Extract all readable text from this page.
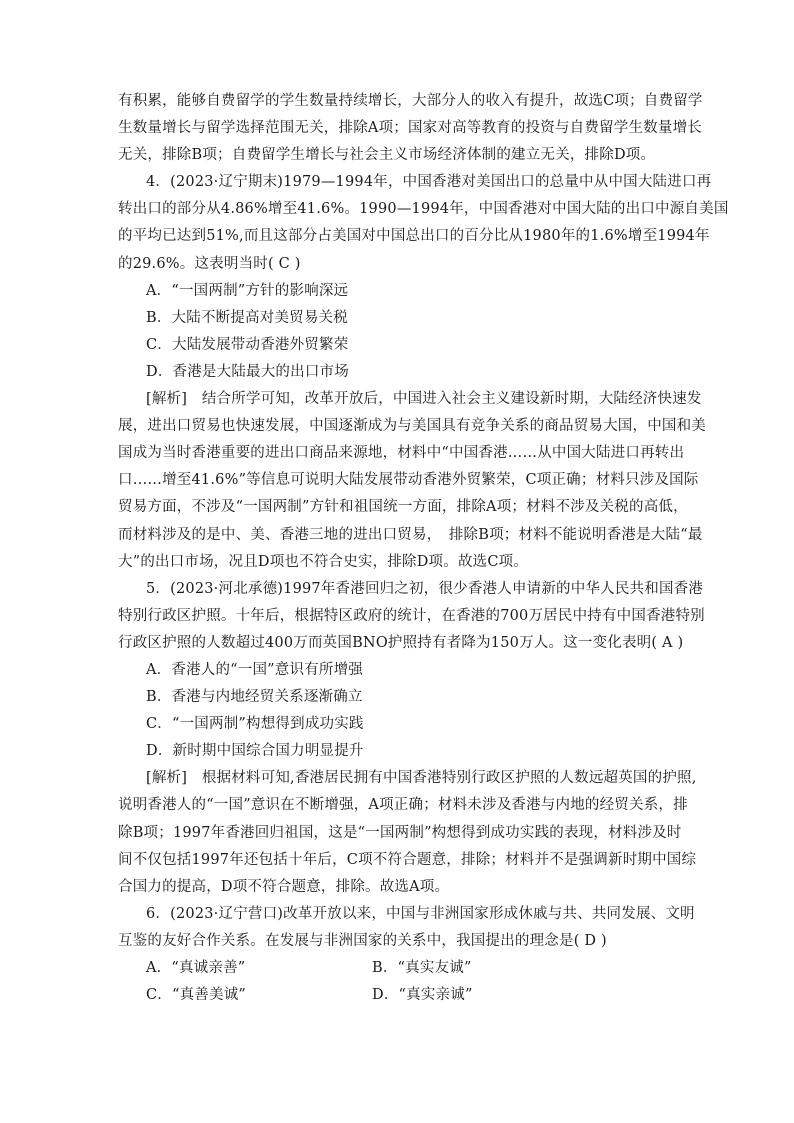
有积累，能够自费留学的学生数量持续增长，大部分人的收入有提升，故选C项；自费留学
生数量增长与留学选择范围无关，排除A项；国家对高等教育的投资与自费留学生数量增长
无关，排除B项；自费留学生增长与社会主义市场经济体制的建立无关，排除D项。
4．(2023·辽宁期末)1979—1994年，中国香港对美国出口的总量中从中国大陆进口再
转出口的部分从4.86%增至41.6%。1990—1994年，中国香港对中国大陆的出口中源自美国
的平均已达到51%,而且这部分占美国对中国总出口的百分比从1980年的1.6%增至1994年
的29.6%。这表明当时( C )
A．“一国两制”方针的影响深远
B．大陆不断提高对美贸易关税
C．大陆发展带动香港外贸繁荣
D．香港是大陆最大的出口市场
[解析]　结合所学可知，改革开放后，中国进入社会主义建设新时期，大陆经济快速发
展，进出口贸易也快速发展，中国逐渐成为与美国具有竞争关系的商品贸易大国，中国和美
国成为当时香港重要的进出口商品来源地，材料中“中国香港……从中国大陆进口再转出
口……增至41.6%”等信息可说明大陆发展带动香港外贸繁荣，C项正确；材料只涉及国际
贸易方面，不涉及“一国两制”方针和祖国统一方面，排除A项；材料不涉及关税的高低，
而材料涉及的是中、美、香港三地的进出口贸易，　排除B项；材料不能说明香港是大陆“最
大”的出口市场，况且D项也不符合史实，排除D项。故选C项。
5．(2023·河北承德)1997年香港回归之初，很少香港人申请新的中华人民共和国香港
特别行政区护照。十年后，根据特区政府的统计，在香港的700万居民中持有中国香港特别
行政区护照的人数超过400万而英国BNO护照持有者降为150万人。这一变化表明( A )
A．香港人的“一国”意识有所增强
B．香港与内地经贸关系逐渐确立
C．“一国两制”构想得到成功实践
D．新时期中国综合国力明显提升
[解析]　根据材料可知,香港居民拥有中国香港特别行政区护照的人数远超英国的护照,
说明香港人的“一国”意识在不断增强，A项正确；材料未涉及香港与内地的经贸关系，排
除B项；1997年香港回归祖国，这是“一国两制”构想得到成功实践的表现，材料涉及时
间不仅包括1997年还包括十年后，C项不符合题意，排除；材料并不是强调新时期中国综
合国力的提高，D项不符合题意，排除。故选A项。
6．(2023·辽宁营口)改革开放以来，中国与非洲国家形成休戚与共、共同发展、文明
互鉴的友好合作关系。在发展与非洲国家的关系中，我国提出的理念是( D )
A．“真诚亲善”	B．“真实友诚”
C．“真善美诚”	D．“真实亲诚”
